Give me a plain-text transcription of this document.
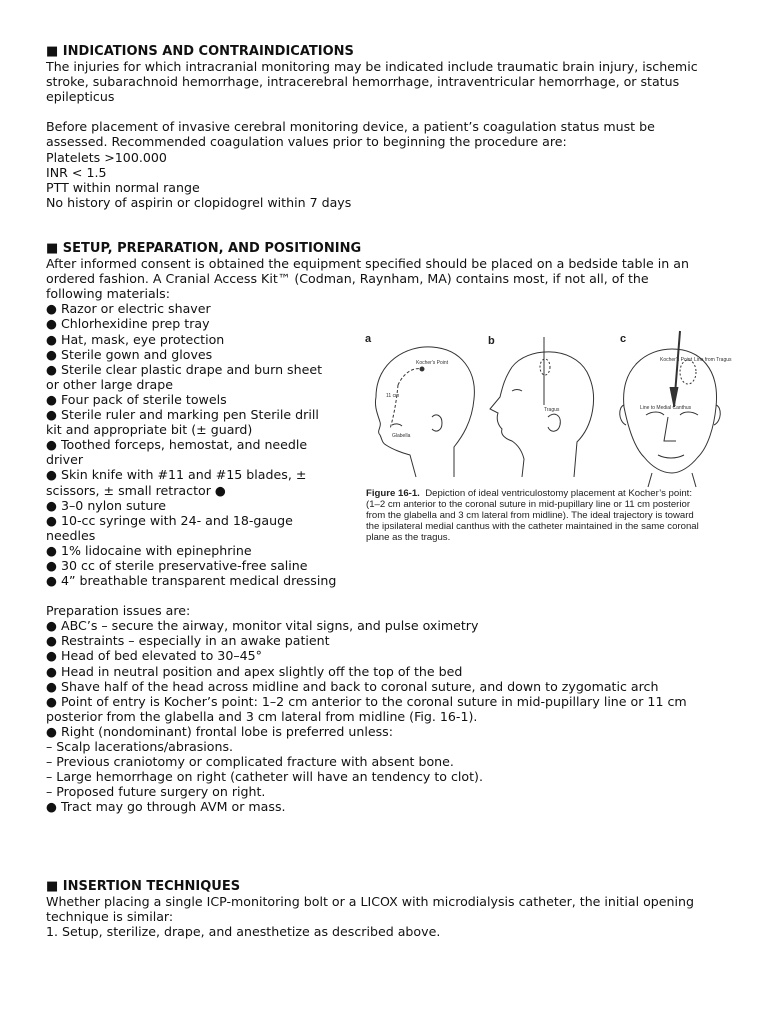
■ INDICATIONS AND CONTRAINDICATIONS
The injuries for which intracranial monitoring may be indicated include traumatic brain injury, ischemic
stroke, subarachnoid hemorrhage, intracerebral hemorrhage, intraventricular hemorrhage, or status
epilepticus
Before placement of invasive cerebral monitoring device, a patient’s coagulation status must be
assessed. Recommended coagulation values prior to beginning the procedure are:
Platelets >100.000
INR < 1.5
PTT within normal range
No history of aspirin or clopidogrel within 7 days
■ SETUP, PREPARATION, AND POSITIONING
After informed consent is obtained the equipment specified should be placed on a bedside table in an
ordered fashion. A Cranial Access Kit™ (Codman, Raynham, MA) contains most, if not all, of the
following materials:
● Razor or electric shaver
● Chlorhexidine prep tray
● Hat, mask, eye protection
● Sterile gown and gloves
● Sterile clear plastic drape and burn sheet
or other large drape
● Four pack of sterile towels
● Sterile ruler and marking pen Sterile drill
kit and appropriate bit (± guard)
● Toothed forceps, hemostat, and needle
driver
● Skin knife with #11 and #15 blades, ±
scissors, ± small retractor ●
● 3–0 nylon suture
● 10-cc syringe with 24- and 18-gauge
needles
● 1% lidocaine with epinephrine
● 30 cc of sterile preservative-free saline
● 4” breathable transparent medical dressing
Preparation issues are:
● ABC’s – secure the airway, monitor vital signs, and pulse oximetry
● Restraints – especially in an awake patient
● Head of bed elevated to 30–45°
● Head in neutral position and apex slightly off the top of the bed
● Shave half of the head across midline and back to coronal suture, and down to zygomatic arch
● Point of entry is Kocher’s point: 1–2 cm anterior to the coronal suture in mid-pupillary line or 11 cm
posterior from the glabella and 3 cm lateral from midline (Fig. 16-1).
● Right (nondominant) frontal lobe is preferred unless:
– Scalp lacerations/abrasions.
– Previous craniotomy or complicated fracture with absent bone.
– Large hemorrhage on right (catheter will have an tendency to clot).
– Proposed future surgery on right.
● Tract may go through AVM or mass.
a
Kocher's Point
11 cm
Glabella
b
Tragus
c
Kocher's Point Line from Tragus
Line to Medial Canthus
Figure 16-1. Depiction of ideal ventriculostomy placement at Kocher’s point:
(1–2 cm anterior to the coronal suture in mid-pupillary line or 11 cm posterior
from the glabella and 3 cm lateral from midline). The ideal trajectory is toward
the ipsilateral medial canthus with the catheter maintained in the same coronal
plane as the tragus.
■ INSERTION TECHNIQUES
Whether placing a single ICP-monitoring bolt or a LICOX with microdialysis catheter, the initial opening
technique is similar:
1. Setup, sterilize, drape, and anesthetize as described above.
